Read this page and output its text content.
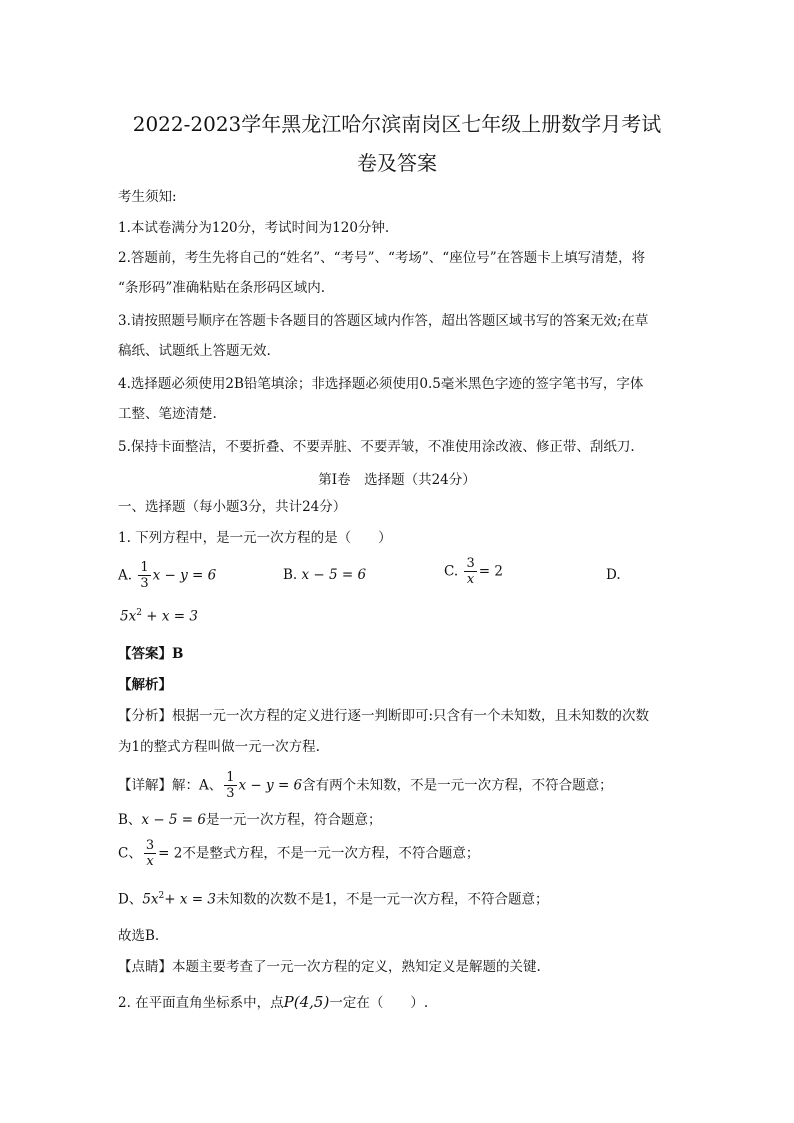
2022-2023学年黑龙江哈尔滨南岗区七年级上册数学月考试
卷及答案
考生须知:
1.本试卷满分为120分，考试时间为120分钟.
2.答题前，考生先将自己的“姓名”、“考号”、“考场”、“座位号”在答题卡上填写清楚，将
“条形码”准确粘贴在条形码区域内.
3.请按照题号顺序在答题卡各题目的答题区域内作答，超出答题区域书写的答案无效;在草
稿纸、试题纸上答题无效.
4.选择题必须使用2B铅笔填涂；非选择题必须使用0.5毫米黑色字迹的签字笔书写，字体
工整、笔迹清楚.
5.保持卡面整洁，不要折叠、不要弄脏、不要弄皱，不准使用涂改液、修正带、刮纸刀.
第Ⅰ卷　选择题（共24分）
一、选择题（每小题3分，共计24分）
1. 下列方程中，是一元一次方程的是（　　）
A. $\frac{1}{3}$ x − y = 6	B. x − 5 = 6	C. $\frac{3}{x} = 2$	D.
$5x^2 + x = 3$
【答案】B
【解析】
【分析】根据一元一次方程的定义进行逐一判断即可:只含有一个未知数，且未知数的次数
为1的整式方程叫做一元一次方程.
【详解】解：A、 $\frac{1}{3}$ x − y = 6含有两个未知数，不是一元一次方程，不符合题意；
B、x − 5 = 6是一元一次方程，符合题意；
C、 $\frac{3}{x} = 2$不是整式方程，不是一元一次方程，不符合题意；
D、$5x^2+ x = 3$未知数的次数不是1，不是一元一次方程，不符合题意；
故选B.
【点睛】本题主要考查了一元一次方程的定义，熟知定义是解题的关键.
2. 在平面直角坐标系中，点P(4,5)一定在（　　）.
